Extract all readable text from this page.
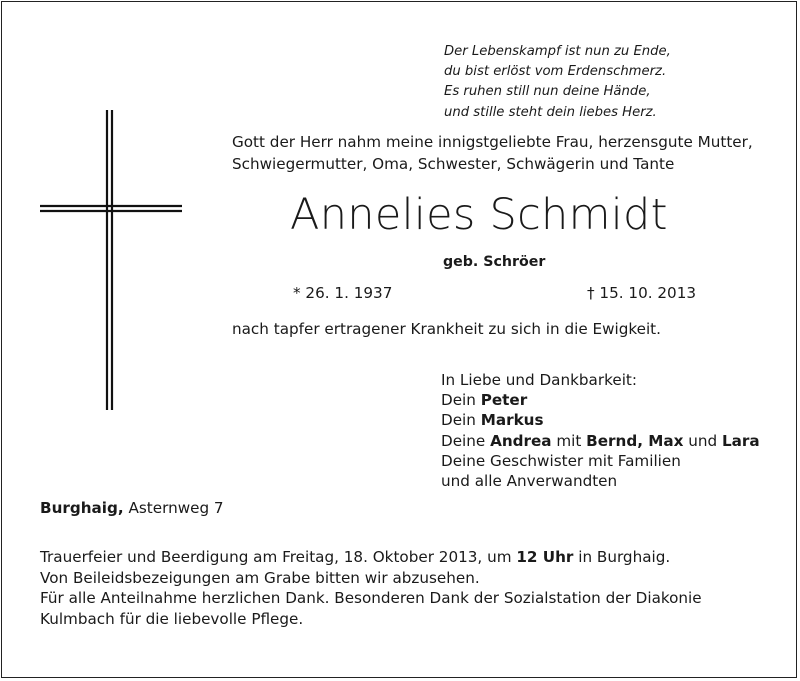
Der Lebenskampf ist nun zu Ende,
du bist erlöst vom Erdenschmerz.
Es ruhen still nun deine Hände,
und stille steht dein liebes Herz.
Gott der Herr nahm meine innigstgeliebte Frau, herzensgute Mutter,
Schwiegermutter, Oma, Schwester, Schwägerin und Tante
Annelies Schmidt
geb. Schröer
* 26. 1. 1937	† 15. 10. 2013
nach tapfer ertragener Krankheit zu sich in die Ewigkeit.
In Liebe und Dankbarkeit:
Dein Peter
Dein Markus
Deine Andrea mit Bernd, Max und Lara
Deine Geschwister mit Familien
und alle Anverwandten
Burghaig, Asternweg 7
Trauerfeier und Beerdigung am Freitag, 18. Oktober 2013, um 12 Uhr in Burghaig.
Von Beileidsbezeigungen am Grabe bitten wir abzusehen.
Für alle Anteilnahme herzlichen Dank. Besonderen Dank der Sozialstation der Diakonie
Kulmbach für die liebevolle Pflege.
